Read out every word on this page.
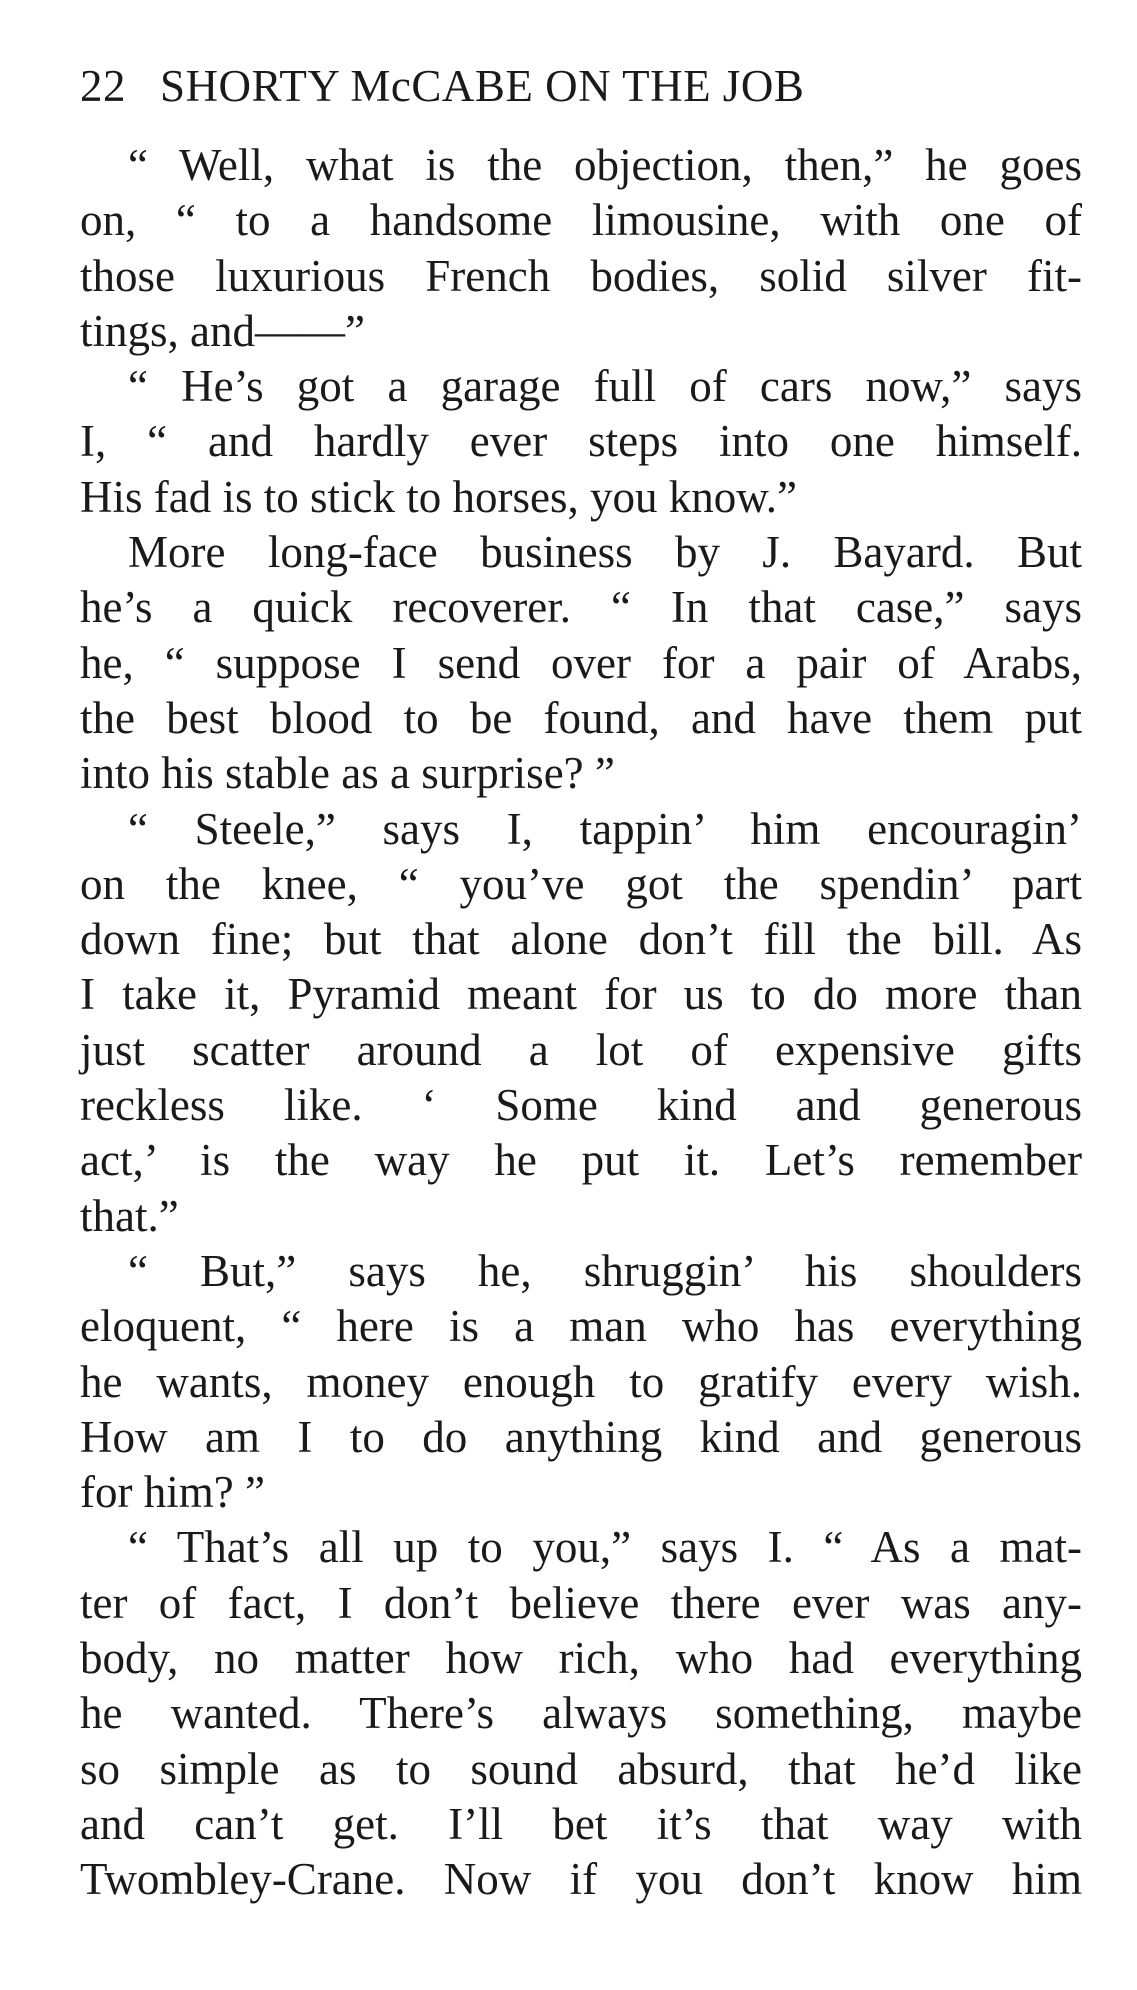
22 SHORTY McCABE ON THE JOB
“ Well, what is the objection, then,” he goes
on, “ to a handsome limousine, with one of
those luxurious French bodies, solid silver fit-
tings, and——”
“ He’s got a garage full of cars now,” says
I, “ and hardly ever steps into one himself.
His fad is to stick to horses, you know.”
More long-face business by J. Bayard. But
he’s a quick recoverer. “ In that case,” says
he, “ suppose I send over for a pair of Arabs,
the best blood to be found, and have them put
into his stable as a surprise? ”
“ Steele,” says I, tappin’ him encouragin’
on the knee, “ you’ve got the spendin’ part
down fine; but that alone don’t fill the bill. As
I take it, Pyramid meant for us to do more than
just scatter around a lot of expensive gifts
reckless like. ‘ Some kind and generous
act,’ is the way he put it. Let’s remember
that.”
“ But,” says he, shruggin’ his shoulders
eloquent, “ here is a man who has everything
he wants, money enough to gratify every wish.
How am I to do anything kind and generous
for him? ”
“ That’s all up to you,” says I. “ As a mat-
ter of fact, I don’t believe there ever was any-
body, no matter how rich, who had everything
he wanted. There’s always something, maybe
so simple as to sound absurd, that he’d like
and can’t get. I’ll bet it’s that way with
Twombley-Crane. Now if you don’t know him
